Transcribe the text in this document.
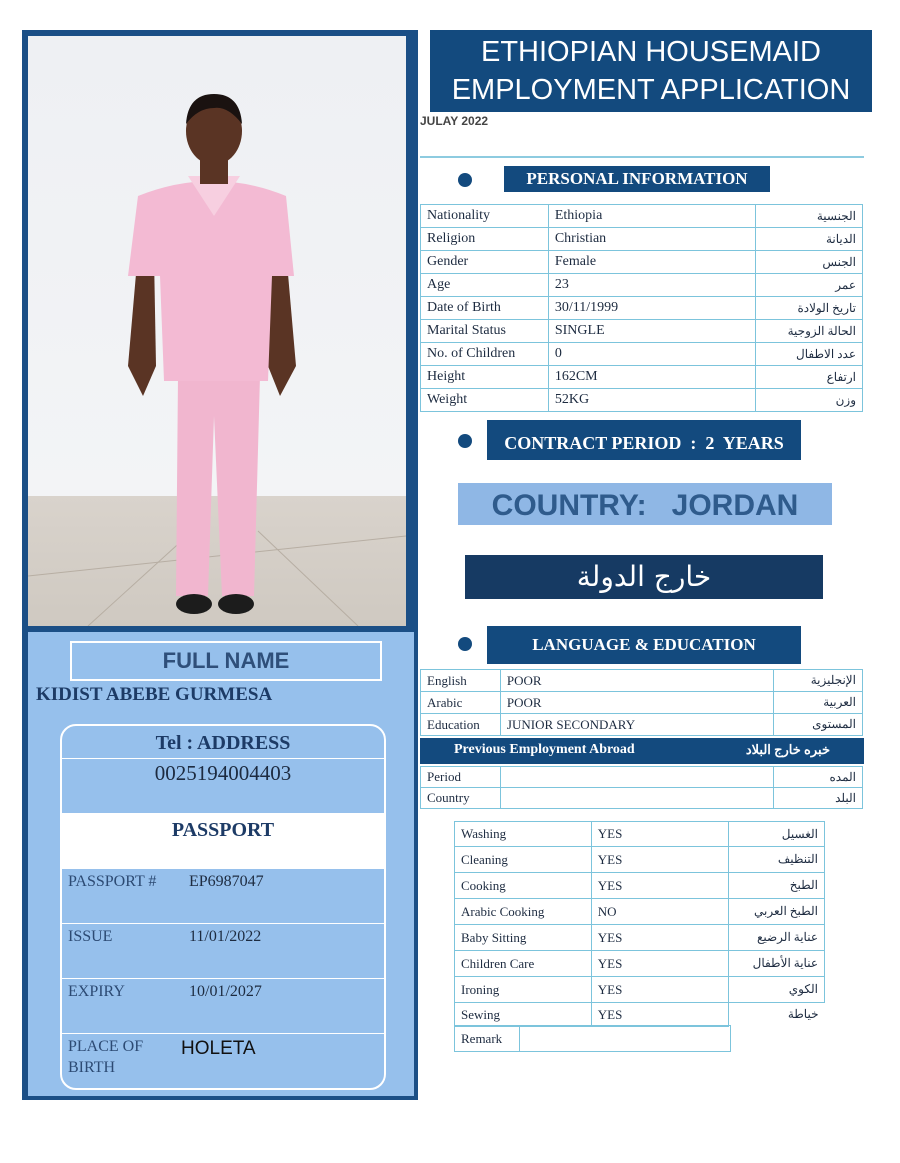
FULL NAME
KIDIST ABEBE GURMESA
Tel : ADDRESS
0025194004403
PASSPORT
PASSPORT # EP6987047
ISSUE	11/01/2022
EXPIRY	10/01/2027
PLACE OF BIRTH
HOLETA
ETHIOPIAN HOUSEMAID
EMPLOYMENT APPLICATION
JULAY 2022
PERSONAL INFORMATION
Nationality	Ethiopia	الجنسية
Religion	Christian	الديانة
Gender	Female	الجنس
Age	23	عمر
Date of Birth	30/11/1999	تاريخ الولادة
Marital Status	SINGLE	الحالة الزوجية
No. of Children	0	عدد الاطفال
Height	162CM	ارتفاع
Weight	52KG	وزن
CONTRACT PERIOD  :  2  YEARS
COUNTRY:   JORDAN
خارج الدولة
LANGUAGE & EDUCATION
English	POOR	الإنجليزية
Arabic	POOR	العربية
Education	JUNIOR SECONDARY	المستوى
Previous Employment Abroad	خبره خارج البلاد
Period		المده
Country		البلد
Washing	YES	الغسيل
Cleaning	YES	التنظيف
Cooking	YES	الطبخ
Arabic Cooking	NO	الطبخ العربي
Baby Sitting	YES	عناية الرضيع
Children Care	YES	عناية الأطفال
Ironing	YES	الكوي
Sewing	YES	خياطة
Remark	
